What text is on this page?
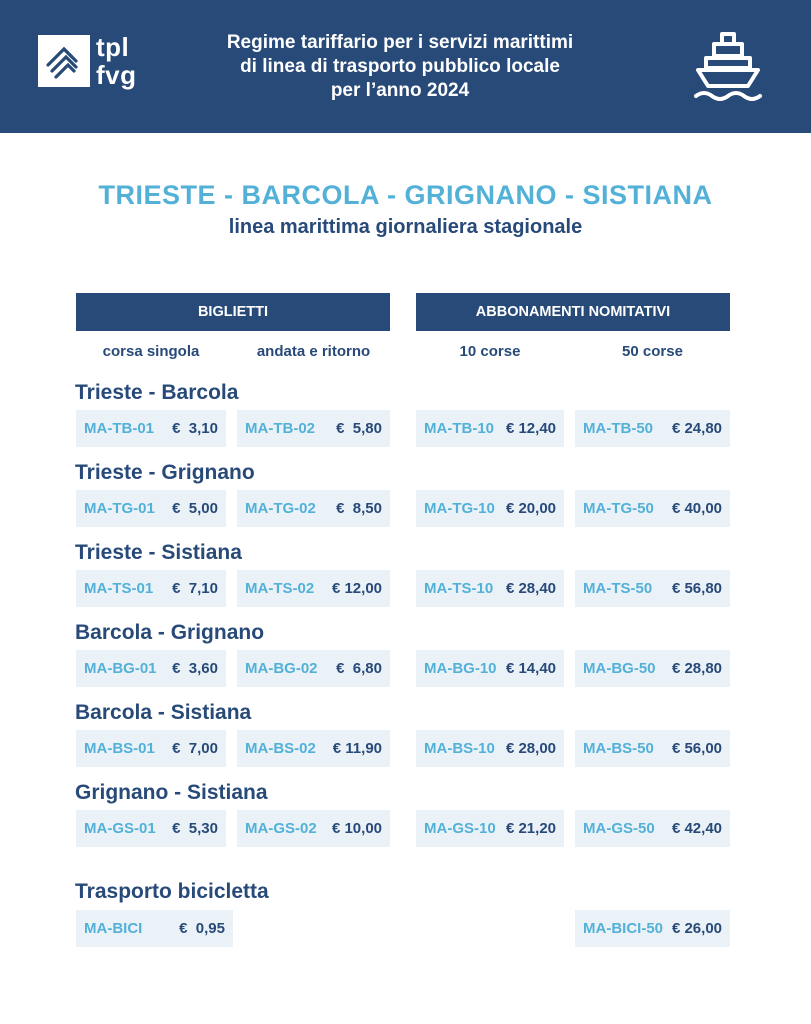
tpl
fvg
Regime tariffario per i servizi marittimi
di linea di trasporto pubblico locale
per l’anno 2024
TRIESTE - BARCOLA - GRIGNANO - SISTIANA
linea marittima giornaliera stagionale
BIGLIETTI	ABBONAMENTI NOMITATIVI
corsa singola	andata e ritorno	10 corse	50 corse
Trieste - Barcola
MA-TB-01 €  3,10 MA-TB-02 €  5,80	MA-TB-10 € 12,40 MA-TB-50 € 24,80
Trieste - Grignano
MA-TG-01 €  5,00 MA-TG-02 €  8,50	MA-TG-10 € 20,00 MA-TG-50 € 40,00
Trieste - Sistiana
MA-TS-01 €  7,10 MA-TS-02 € 12,00	MA-TS-10 € 28,40 MA-TS-50 € 56,80
Barcola - Grignano
MA-BG-01 €  3,60 MA-BG-02 €  6,80	MA-BG-10 € 14,40 MA-BG-50 € 28,80
Barcola - Sistiana
MA-BS-01 €  7,00 MA-BS-02 € 11,90	MA-BS-10 € 28,00 MA-BS-50 € 56,00
Grignano - Sistiana
MA-GS-01 €  5,30 MA-GS-02 € 10,00	MA-GS-10 € 21,20 MA-GS-50 € 42,40
Trasporto bicicletta
MA-BICI €  0,95	MA-BICI-50 € 26,00
